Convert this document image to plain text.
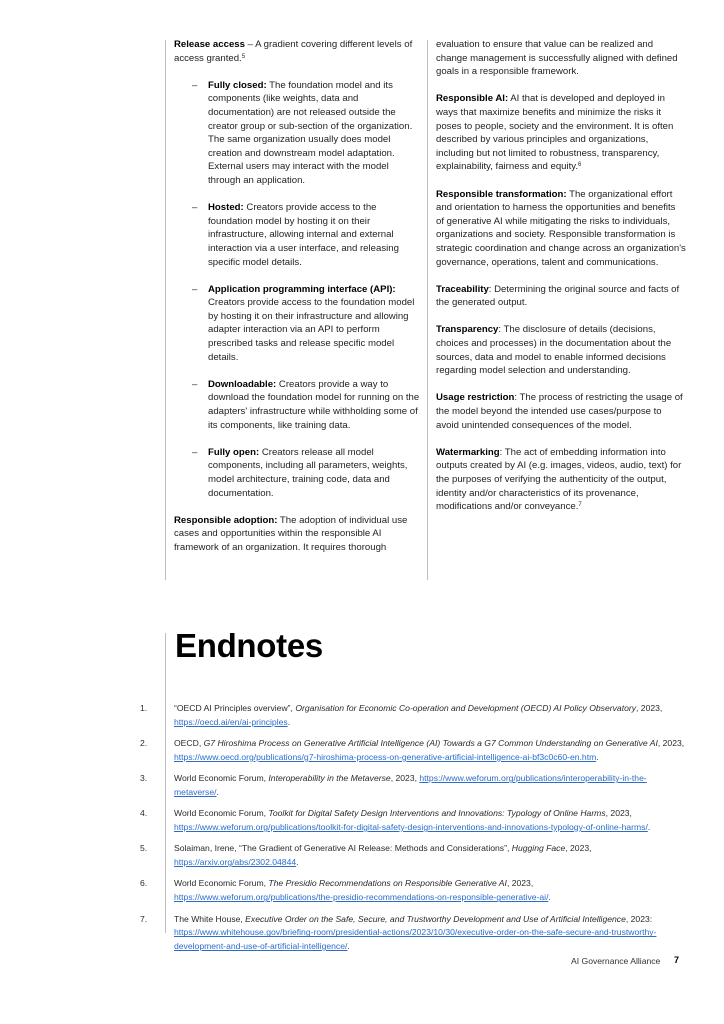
Release access – A gradient covering different levels of access granted.$^5$

– Fully closed: The foundation model and its components (like weights, data and documentation) are not released outside the creator group or sub-section of the organization. The same organization usually does model creation and downstream model adaptation. External users may interact with the model through an application.
– Hosted: Creators provide access to the foundation model by hosting it on their infrastructure, allowing internal and external interaction via a user interface, and releasing specific model details.
– Application programming interface (API): Creators provide access to the foundation model by hosting it on their infrastructure and allowing adapter interaction via an API to perform prescribed tasks and release specific model details.
– Downloadable: Creators provide a way to download the foundation model for running on the adapters' infrastructure while withholding some of its components, like training data.
– Fully open: Creators release all model components, including all parameters, weights, model architecture, training code, data and documentation.

Responsible adoption: The adoption of individual use cases and opportunities within the responsible AI framework of an organization. It requires thorough

evaluation to ensure that value can be realized and change management is successfully aligned with defined goals in a responsible framework.

Responsible AI: AI that is developed and deployed in ways that maximize benefits and minimize the risks it poses to people, society and the environment. It is often described by various principles and organizations, including but not limited to robustness, transparency, explainability, fairness and equity.$^6$

Responsible transformation: The organizational effort and orientation to harness the opportunities and benefits of generative AI while mitigating the risks to individuals, organizations and society. Responsible transformation is strategic coordination and change across an organization's governance, operations, talent and communications.

Traceability: Determining the original source and facts of the generated output.

Transparency: The disclosure of details (decisions, choices and processes) in the documentation about the sources, data and model to enable informed decisions regarding model selection and understanding.

Usage restriction: The process of restricting the usage of the model beyond the intended use cases/purpose to avoid unintended consequences of the model.

Watermarking: The act of embedding information into outputs created by AI (e.g. images, videos, audio, text) for the purposes of verifying the authenticity of the output, identity and/or characteristics of its provenance, modifications and/or conveyance.$^7$

Endnotes
1.	“OECD AI Principles overview”, Organisation for Economic Co-operation and Development (OECD) AI Policy Observatory, 2023, https://oecd.ai/en/ai-principles.
2.	OECD, G7 Hiroshima Process on Generative Artificial Intelligence (AI) Towards a G7 Common Understanding on Generative AI, 2023, https://www.oecd.org/publications/g7-hiroshima-process-on-generative-artificial-intelligence-ai-bf3c0c60-en.htm.
3.	World Economic Forum, Interoperability in the Metaverse, 2023, https://www.weforum.org/publications/interoperability-in-the-metaverse/.
4.	World Economic Forum, Toolkit for Digital Safety Design Interventions and Innovations: Typology of Online Harms, 2023, https://www.weforum.org/publications/toolkit-for-digital-safety-design-interventions-and-innovations-typology-of-online-harms/.
5.	Solaiman, Irene, “The Gradient of Generative AI Release: Methods and Considerations”, Hugging Face, 2023, https://arxiv.org/abs/2302.04844.
6.	World Economic Forum, The Presidio Recommendations on Responsible Generative AI, 2023, https://www.weforum.org/publications/the-presidio-recommendations-on-responsible-generative-ai/.
7.	The White House, Executive Order on the Safe, Secure, and Trustworthy Development and Use of Artificial Intelligence, 2023: https://www.whitehouse.gov/briefing-room/presidential-actions/2023/10/30/executive-order-on-the-safe-secure-and-trustworthy-development-and-use-of-artificial-intelligence/.
AI Governance Alliance 7
